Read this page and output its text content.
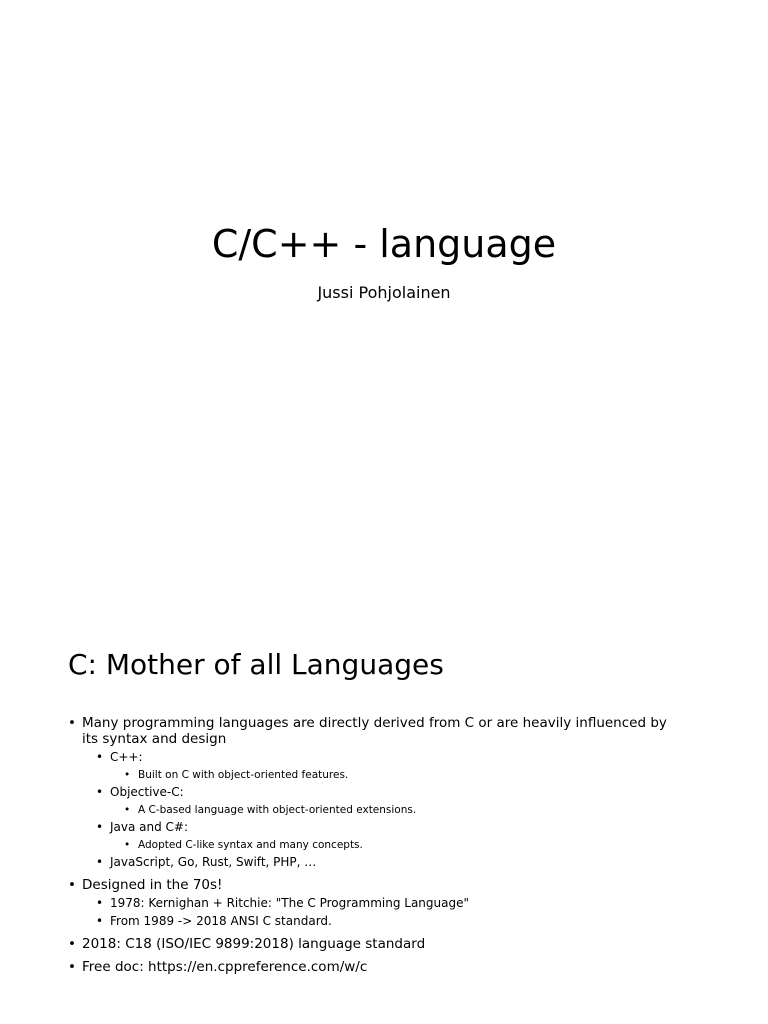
C/C++ - language

Jussi Pohjolainen

C: Mother of all Languages
• Many programming languages are directly derived from C or are heavily influenced by its syntax and design
• C++:
• Built on C with object-oriented features.
• Objective-C:
• A C-based language with object-oriented extensions.
• Java and C#:
• Adopted C-like syntax and many concepts.
• JavaScript, Go, Rust, Swift, PHP, …
• Designed in the 70s!
• 1978: Kernighan + Ritchie: "The C Programming Language"
• From 1989 -> 2018 ANSI C standard.
• 2018: C18 (ISO/IEC 9899:2018) language standard
• Free doc: https://en.cppreference.com/w/c
